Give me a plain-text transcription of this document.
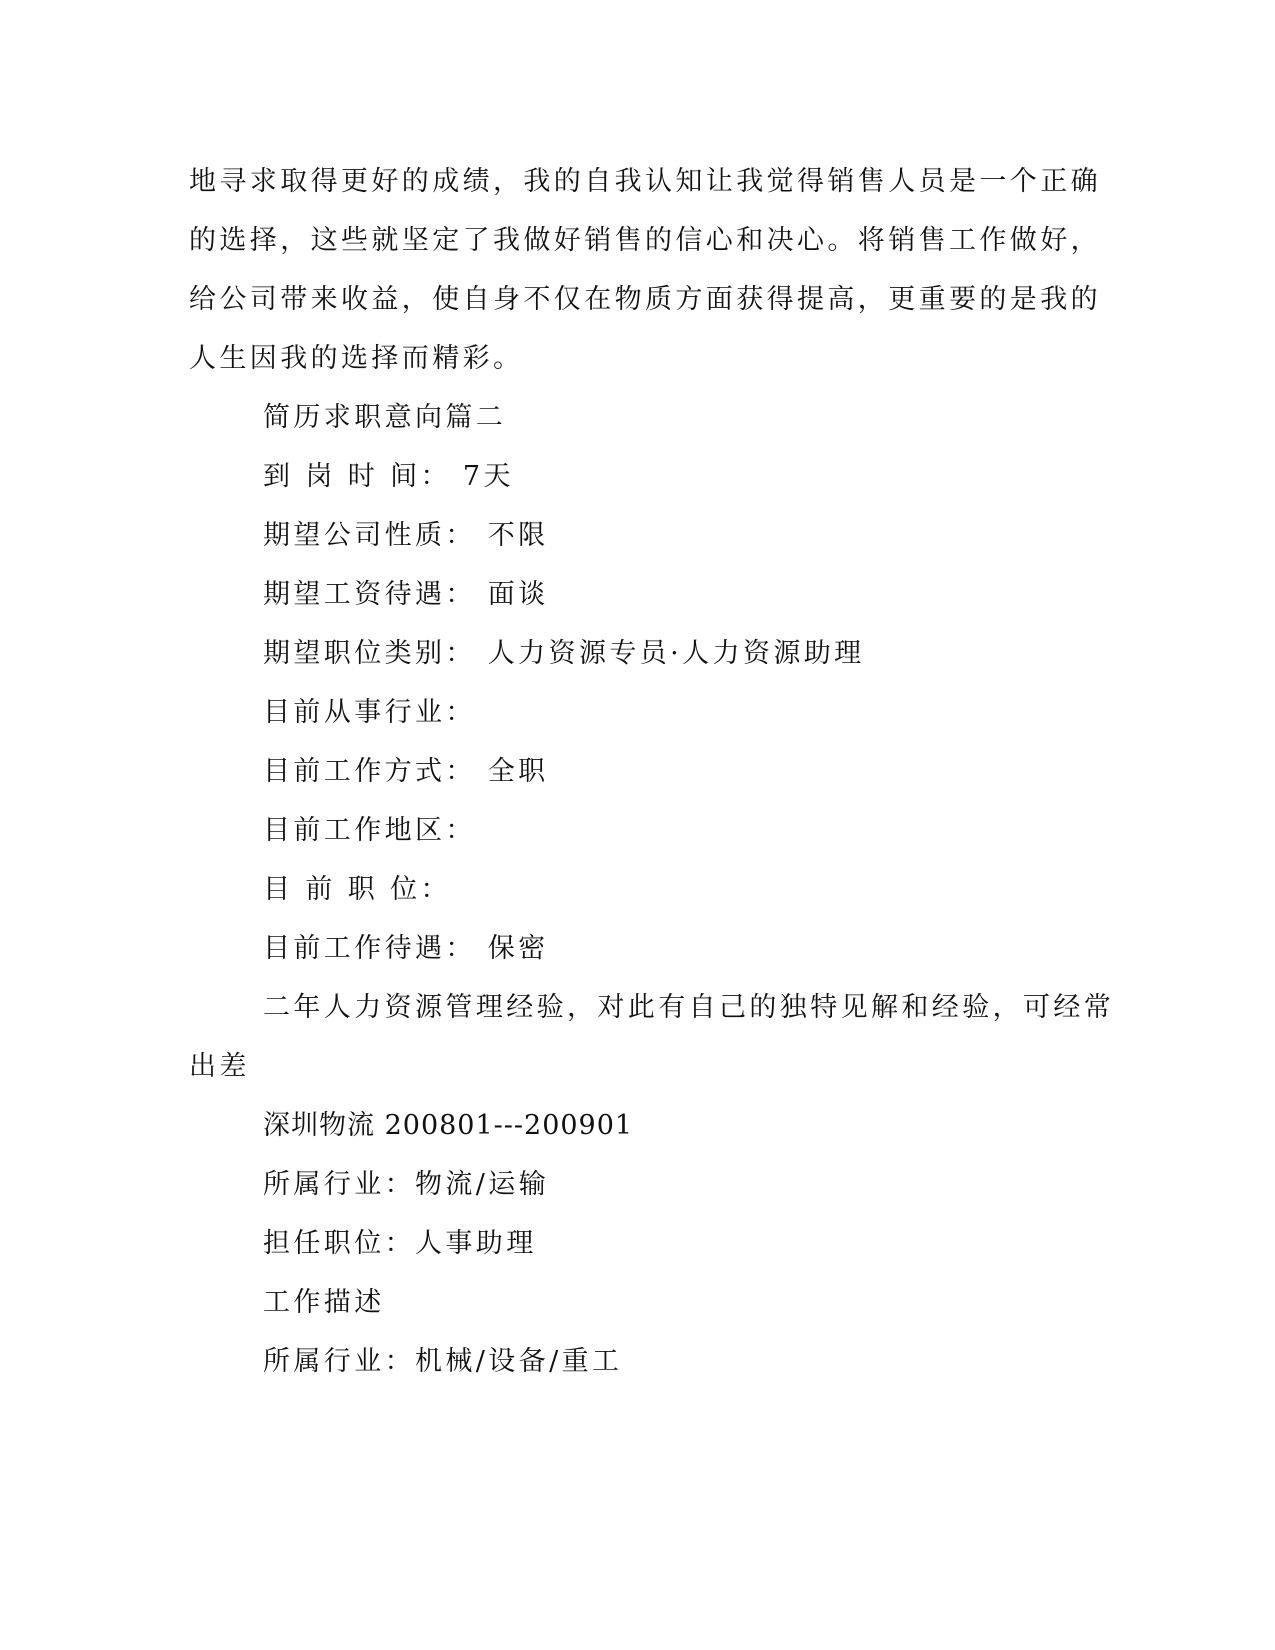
地寻求取得更好的成绩，我的自我认知让我觉得销售人员是一个正确
的选择，这些就坚定了我做好销售的信心和决心。将销售工作做好，
给公司带来收益，使自身不仅在物质方面获得提高，更重要的是我的
人生因我的选择而精彩。
简历求职意向篇二
到 岗 时 间： 7天
期望公司性质： 不限
期望工资待遇： 面谈
期望职位类别： 人力资源专员·人力资源助理
目前从事行业：
目前工作方式： 全职
目前工作地区：
目 前 职 位：
目前工作待遇： 保密
二年人力资源管理经验，对此有自己的独特见解和经验，可经常
出差
深圳物流 200801---200901
所属行业：物流/运输
担任职位：人事助理
工作描述
所属行业：机械/设备/重工
